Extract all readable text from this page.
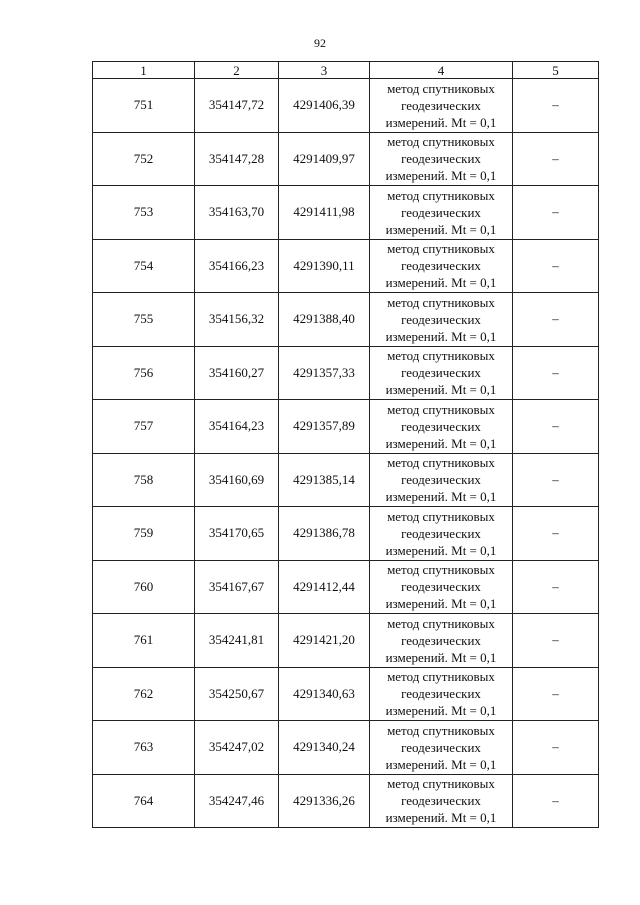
92
1	2	3	4	5
751	354147,72	4291406,39	метод спутниковых
геодезических
измерений. Mt = 0,1	–
752	354147,28	4291409,97	метод спутниковых
геодезических
измерений. Mt = 0,1	–
753	354163,70	4291411,98	метод спутниковых
геодезических
измерений. Mt = 0,1	–
754	354166,23	4291390,11	метод спутниковых
геодезических
измерений. Mt = 0,1	–
755	354156,32	4291388,40	метод спутниковых
геодезических
измерений. Mt = 0,1	–
756	354160,27	4291357,33	метод спутниковых
геодезических
измерений. Mt = 0,1	–
757	354164,23	4291357,89	метод спутниковых
геодезических
измерений. Mt = 0,1	–
758	354160,69	4291385,14	метод спутниковых
геодезических
измерений. Mt = 0,1	–
759	354170,65	4291386,78	метод спутниковых
геодезических
измерений. Mt = 0,1	–
760	354167,67	4291412,44	метод спутниковых
геодезических
измерений. Mt = 0,1	–
761	354241,81	4291421,20	метод спутниковых
геодезических
измерений. Mt = 0,1	–
762	354250,67	4291340,63	метод спутниковых
геодезических
измерений. Mt = 0,1	–
763	354247,02	4291340,24	метод спутниковых
геодезических
измерений. Mt = 0,1	–
764	354247,46	4291336,26	метод спутниковых
геодезических
измерений. Mt = 0,1	–
